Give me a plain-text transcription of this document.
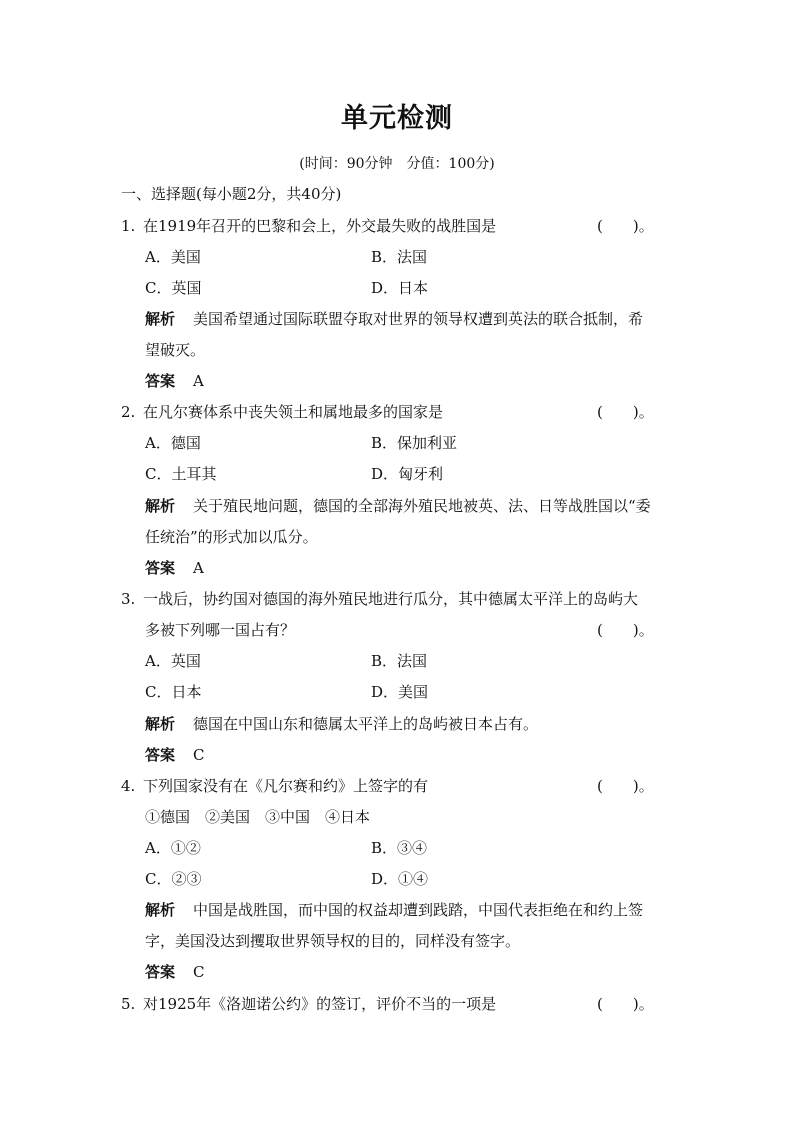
单元检测
(时间：90分钟　分值：100分)
一、选择题(每小题2分，共40分)
1. 在1919年召开的巴黎和会上，外交最失败的战胜国是	(　　)。
A．美国	B．法国
C．英国	D．日本
解析 美国希望通过国际联盟夺取对世界的领导权遭到英法的联合抵制，希
望破灭。
答案 A
2. 在凡尔赛体系中丧失领土和属地最多的国家是	(　　)。
A．德国	B．保加利亚
C．土耳其	D．匈牙利
解析 关于殖民地问题，德国的全部海外殖民地被英、法、日等战胜国以“委
任统治”的形式加以瓜分。
答案 A
3. 一战后，协约国对德国的海外殖民地进行瓜分，其中德属太平洋上的岛屿大
多被下列哪一国占有？	(　　)。
A．英国	B．法国
C．日本	D．美国
解析 德国在中国山东和德属太平洋上的岛屿被日本占有。
答案 C
4. 下列国家没有在《凡尔赛和约》上签字的有	(　　)。
①德国　②美国　③中国　④日本
A．①②	B．③④
C．②③	D．①④
解析 中国是战胜国，而中国的权益却遭到践踏，中国代表拒绝在和约上签
字，美国没达到攫取世界领导权的目的，同样没有签字。
答案 C
5. 对1925年《洛迦诺公约》的签订，评价不当的一项是	(　　)。
